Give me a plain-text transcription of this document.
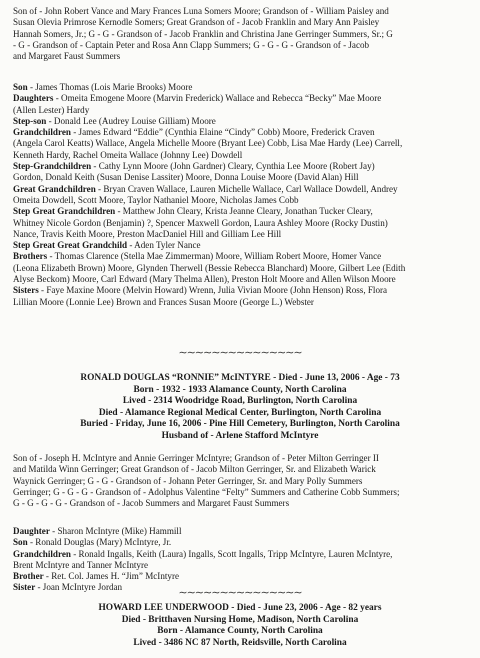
Son of - John Robert Vance and Mary Frances Luna Somers Moore; Grandson of - William Paisley and

Susan Olevia Primrose Kernodle Somers; Great Grandson of - Jacob Franklin and Mary Ann Paisley

Hannah Somers, Jr.; G - G - Grandson of - Jacob Franklin and Christina Jane Gerringer Summers, Sr.; G

- G - Grandson of - Captain Peter and Rosa Ann Clapp Summers; G - G - G - Grandson of - Jacob

and Margaret Faust Summers

Son - James Thomas (Lois Marie Brooks) Moore

Daughters - Omeita Emogene Moore (Marvin Frederick) Wallace and Rebecca “Becky” Mae Moore

(Allen Lester) Hardy

Step-son - Donald Lee (Audrey Louise Gilliam) Moore

Grandchildren - James Edward “Eddie” (Cynthia Elaine “Cindy” Cobb) Moore, Frederick Craven

(Angela Carol Keatts) Wallace, Angela Michelle Moore (Bryant Lee) Cobb, Lisa Mae Hardy (Lee) Carrell,

Kenneth Hardy, Rachel Omeita Wallace (Johnny Lee) Dowdell

Step-Grandchildren - Cathy Lynn Moore (John Gardner) Cleary, Cynthia Lee Moore (Robert Jay)

Gordon, Donald Keith (Susan Denise Lassiter) Moore, Donna Louise Moore (David Alan) Hill

Great Grandchildren - Bryan Craven Wallace, Lauren Michelle Wallace, Carl Wallace Dowdell, Andrey

Omeita Dowdell, Scott Moore, Taylor Nathaniel Moore, Nicholas James Cobb

Step Great Grandchildren - Matthew John Cleary, Krista Jeanne Cleary, Jonathan Tucker Cleary,

Whitney Nicole Gordon (Benjamin) ?, Spencer Maxwell Gordon, Laura Ashley Moore (Rocky Dustin)

Nance, Travis Keith Moore, Preston MacDaniel Hill and Gilliam Lee Hill

Step Great Great Grandchild - Aden Tyler Nance

Brothers - Thomas Clarence (Stella Mae Zimmerman) Moore, William Robert Moore, Homer Vance

(Leona Elizabeth Brown) Moore, Glynden Therwell (Bessie Rebecca Blanchard) Moore, Gilbert Lee (Edith

Alyse Beckom) Moore, Carl Edward (Mary Thelma Allen), Preston Holt Moore and Allen Wilson Moore

Sisters - Faye Maxine Moore (Melvin Howard) Wrenn, Julia Vivian Moore (John Henson) Ross, Flora

Lillian Moore (Lonnie Lee) Brown and Frances Susan Moore (George L.) Webster

∼∼∼∼∼∼∼∼∼∼∼∼∼∼∼

RONALD DOUGLAS “RONNIE” McINTYRE - Died - June 13, 2006 - Age - 73

Born - 1932 - 1933 Alamance County, North Carolina

Lived - 2314 Woodridge Road, Burlington, North Carolina

Died - Alamance Regional Medical Center, Burlington, North Carolina

Buried - Friday, June 16, 2006 - Pine Hill Cemetery, Burlington, North Carolina

Husband of - Arlene Stafford McIntyre

Son of - Joseph H. McIntyre and Annie Gerringer McIntyre; Grandson of - Peter Milton Gerringer II

and Matilda Winn Gerringer; Great Grandson of - Jacob Milton Gerringer, Sr. and Elizabeth Warick

Waynick Gerringer; G - G - Grandson of - Johann Peter Gerringer, Sr. and Mary Polly Summers

Gerringer; G - G - G - Grandson of - Adolphus Valentine “Felty” Summers and Catherine Cobb Summers;

G - G - G - G - Grandson of - Jacob Summers and Margaret Faust Summers

Daughter - Sharon McIntyre (Mike) Hammill

Son - Ronald Douglas (Mary) McIntyre, Jr.

Grandchildren - Ronald Ingalls, Keith (Laura) Ingalls, Scott Ingalls, Tripp McIntyre, Lauren McIntyre,

Brent McIntyre and Tanner McIntyre

Brother - Ret. Col. James H. “Jim” McIntyre

Sister - Joan McIntyre Jordan	∼∼∼∼∼∼∼∼∼∼∼∼∼∼∼

HOWARD LEE UNDERWOOD - Died - June 23, 2006 - Age - 82 years

Died - Britthaven Nursing Home, Madison, North Carolina

Born - Alamance County, North Carolina

Lived - 3486 NC 87 North, Reidsville, North Carolina
